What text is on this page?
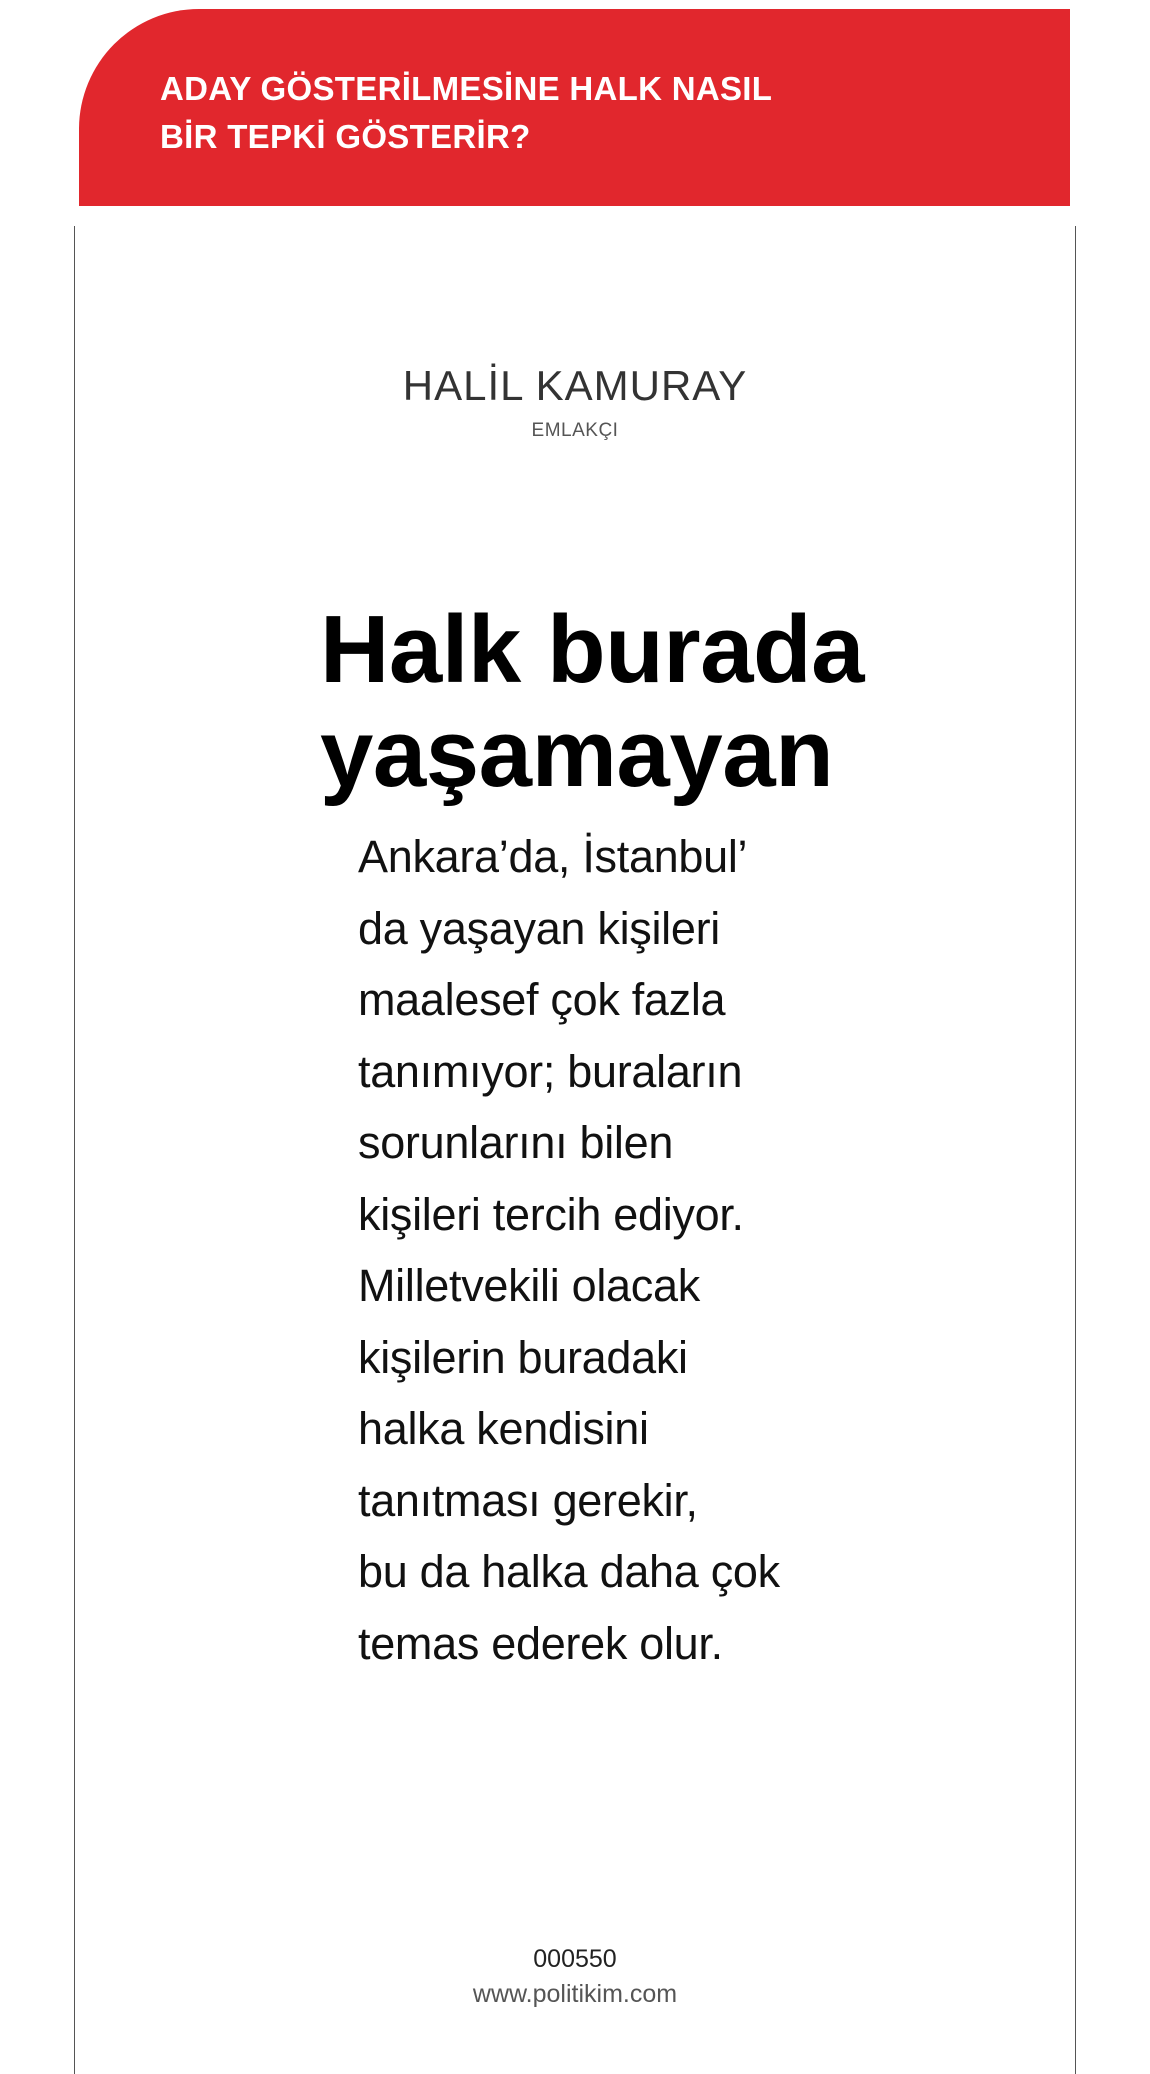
ADAY GÖSTERİLMESİNE HALK NASIL
BİR TEPKİ GÖSTERİR?
HALİL KAMURAY
EMLAKÇI
Halk burada
yaşamayan
Ankara’da, İstanbul’
da yaşayan kişileri
maalesef çok fazla
tanımıyor; buraların
sorunlarını bilen
kişileri tercih ediyor.
Milletvekili olacak
kişilerin buradaki
halka kendisini
tanıtması gerekir,
bu da halka daha çok
temas ederek olur.
000550
www.politikim.com
